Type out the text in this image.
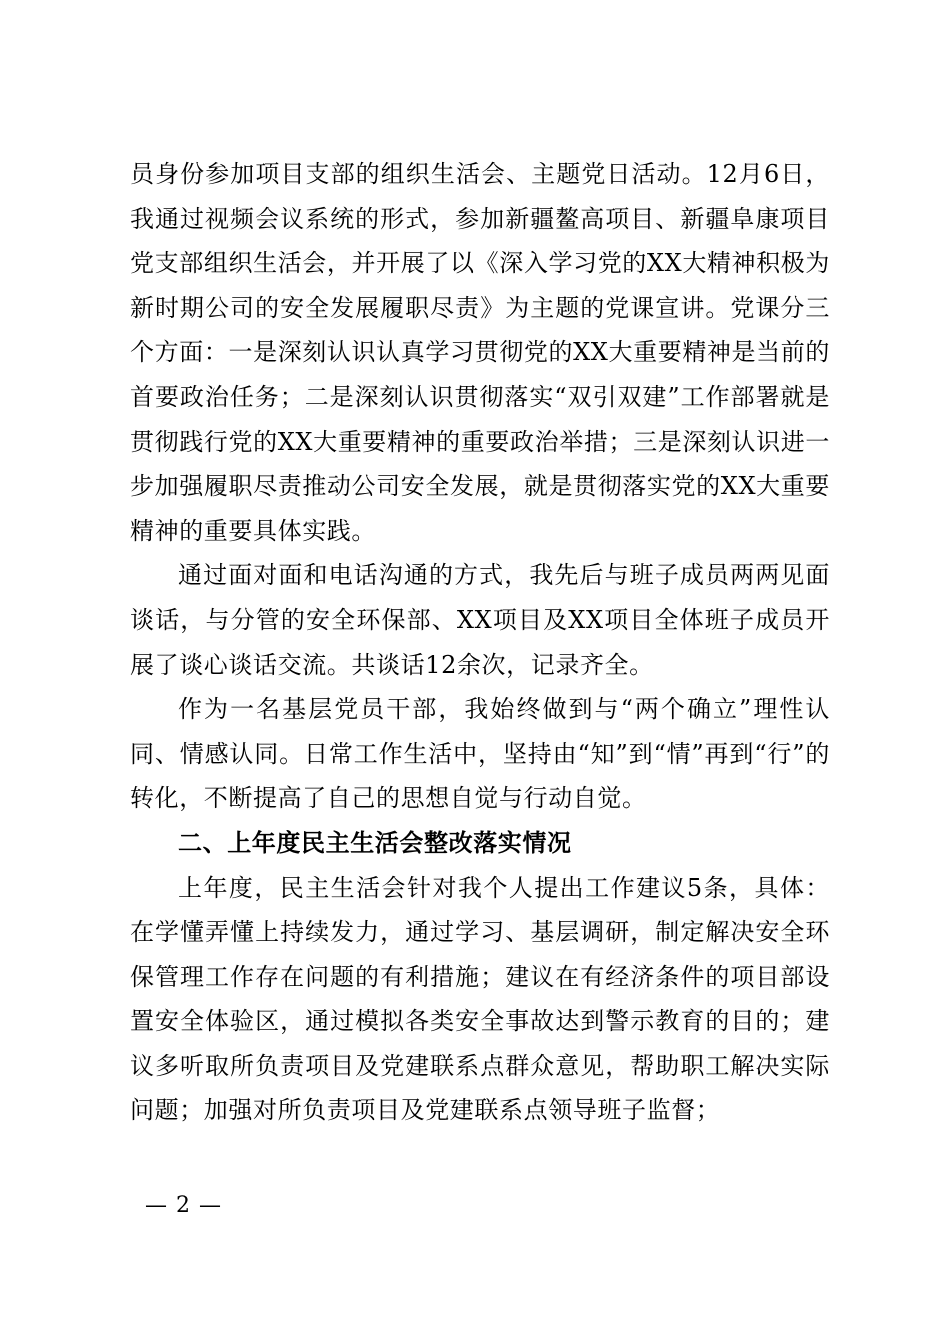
员身份参加项目支部的组织生活会、主题党日活动。12月6日，我通过视频会议系统的形式，参加新疆鳌高项目、新疆阜康项目党支部组织生活会，并开展了以《深入学习党的XX大精神积极为新时期公司的安全发展履职尽责》为主题的党课宣讲。党课分三个方面：一是深刻认识认真学习贯彻党的XX大重要精神是当前的首要政治任务；二是深刻认识贯彻落实“双引双建”工作部署就是贯彻践行党的XX大重要精神的重要政治举措；三是深刻认识进一步加强履职尽责推动公司安全发展，就是贯彻落实党的XX大重要精神的重要具体实践。

通过面对面和电话沟通的方式，我先后与班子成员两两见面谈话，与分管的安全环保部、XX项目及XX项目全体班子成员开展了谈心谈话交流。共谈话12余次，记录齐全。

作为一名基层党员干部，我始终做到与“两个确立”理性认同、情感认同。日常工作生活中，坚持由“知”到“情”再到“行”的转化，不断提高了自己的思想自觉与行动自觉。

二、上年度民主生活会整改落实情况

上年度，民主生活会针对我个人提出工作建议5条，具体：在学懂弄懂上持续发力，通过学习、基层调研，制定解决安全环保管理工作存在问题的有利措施；建议在有经济条件的项目部设置安全体验区，通过模拟各类安全事故达到警示教育的目的；建议多听取所负责项目及党建联系点群众意见，帮助职工解决实际问题；加强对所负责项目及党建联系点领导班子监督；

— 2 —
